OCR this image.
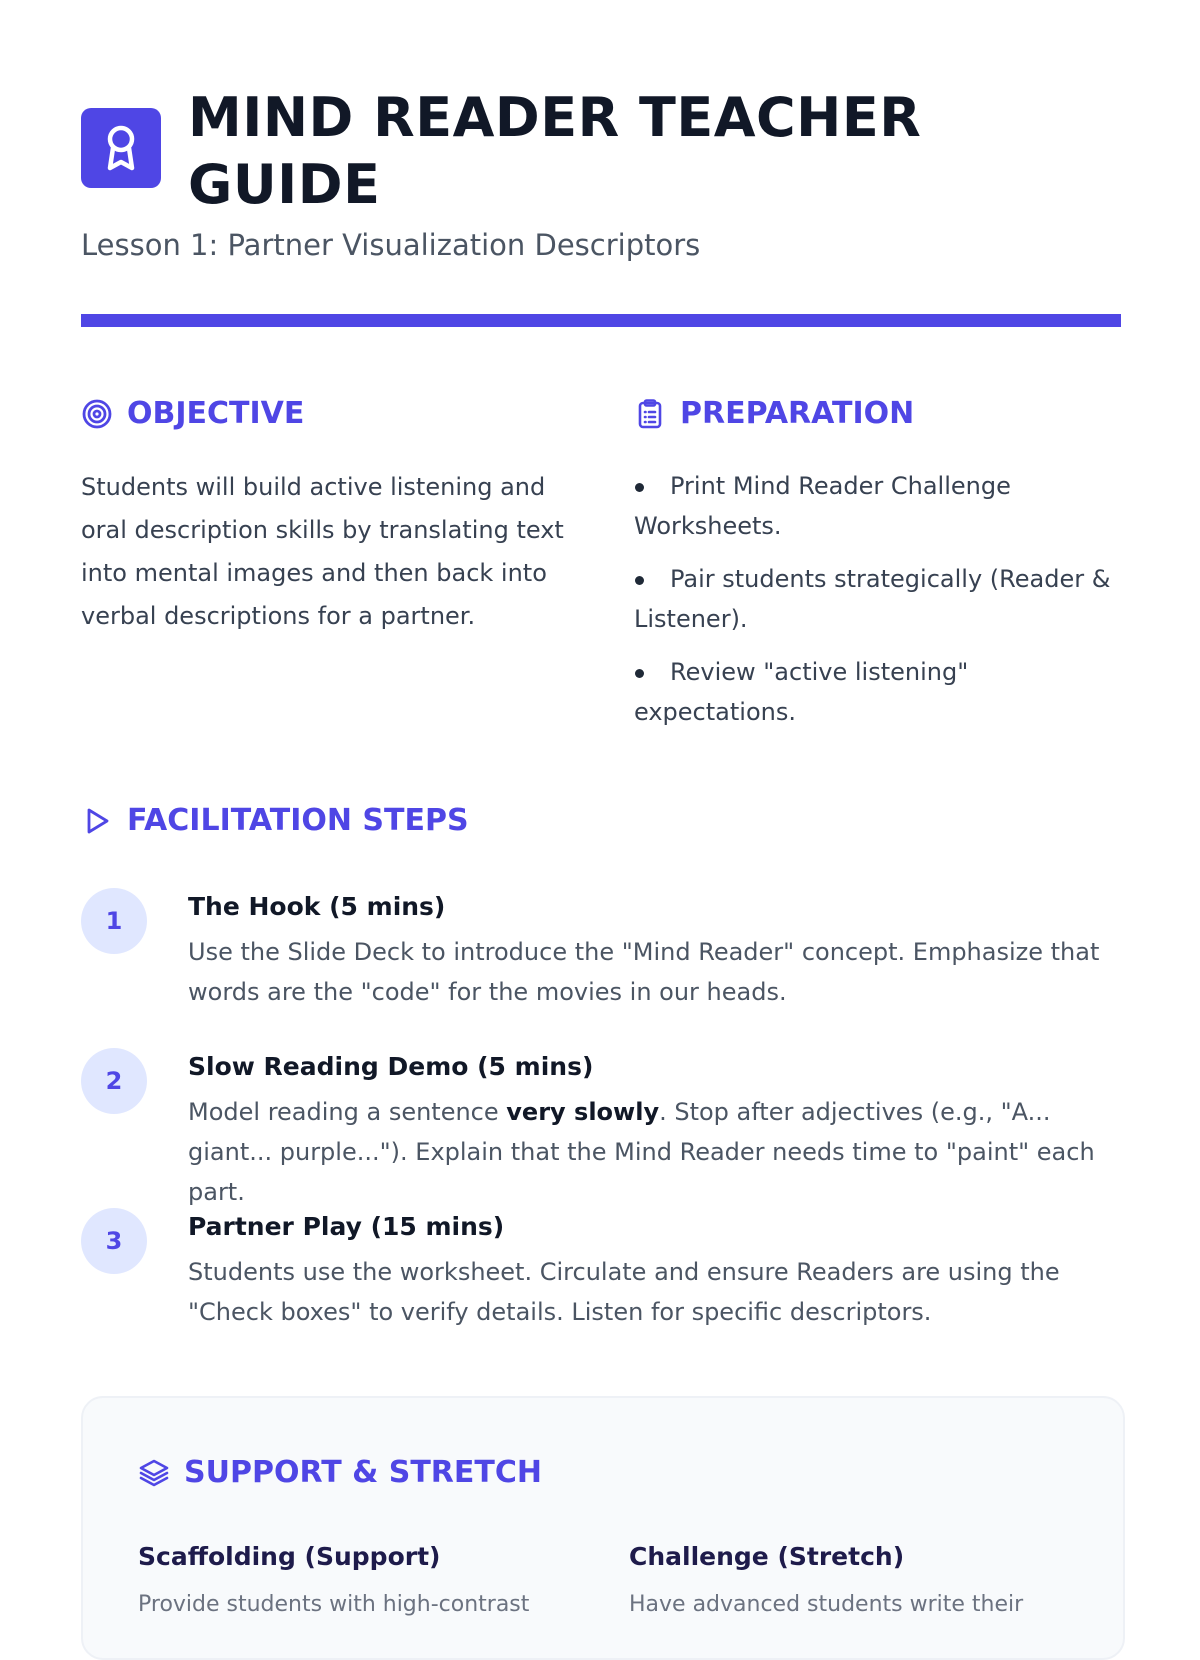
MIND READER TEACHER GUIDE

Lesson 1: Partner Visualization Descriptors

OBJECTIVE

Students will build active listening and oral description skills by translating text into mental images and then back into verbal descriptions for a partner.

PREPARATION
Print Mind Reader Challenge Worksheets.
Pair students strategically (Reader & Listener).
Review "active listening" expectations.
FACILITATION STEPS
1	The Hook (5 mins)

Use the Slide Deck to introduce the "Mind Reader" concept. Emphasize that words are the "code" for the movies in our heads.

2	Slow Reading Demo (5 mins)

Model reading a sentence very slowly. Stop after adjectives (e.g., "A... giant... purple..."). Explain that the Mind Reader needs time to "paint" each part.

3	Partner Play (15 mins)

Students use the worksheet. Circulate and ensure Readers are using the "Check boxes" to verify details. Listen for specific descriptors.

SUPPORT & STRETCH

Scaffolding (Support)	Challenge (Stretch)

Provide students with high-contrast	Have advanced students write their
